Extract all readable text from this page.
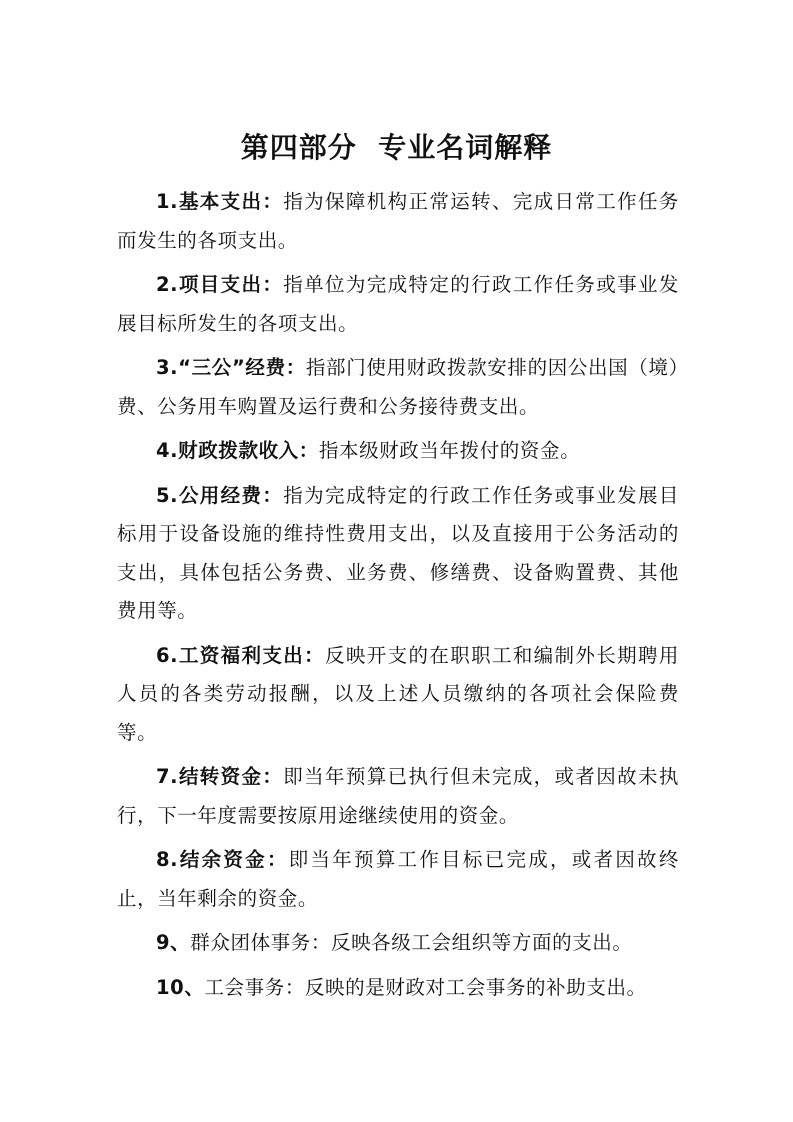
第四部分  专业名词解释

1.基本支出：指为保障机构正常运转、完成日常工作任务而发生的各项支出。

2.项目支出：指单位为完成特定的行政工作任务或事业发展目标所发生的各项支出。

3.“三公”经费：指部门使用财政拨款安排的因公出国（境）费、公务用车购置及运行费和公务接待费支出。

4.财政拨款收入：指本级财政当年拨付的资金。

5.公用经费：指为完成特定的行政工作任务或事业发展目标用于设备设施的维持性费用支出，以及直接用于公务活动的支出，具体包括公务费、业务费、修缮费、设备购置费、其他费用等。

6.工资福利支出：反映开支的在职职工和编制外长期聘用人员的各类劳动报酬，以及上述人员缴纳的各项社会保险费等。

7.结转资金：即当年预算已执行但未完成，或者因故未执行，下一年度需要按原用途继续使用的资金。

8.结余资金：即当年预算工作目标已完成，或者因故终止，当年剩余的资金。

9、群众团体事务：反映各级工会组织等方面的支出。

10、工会事务：反映的是财政对工会事务的补助支出。
